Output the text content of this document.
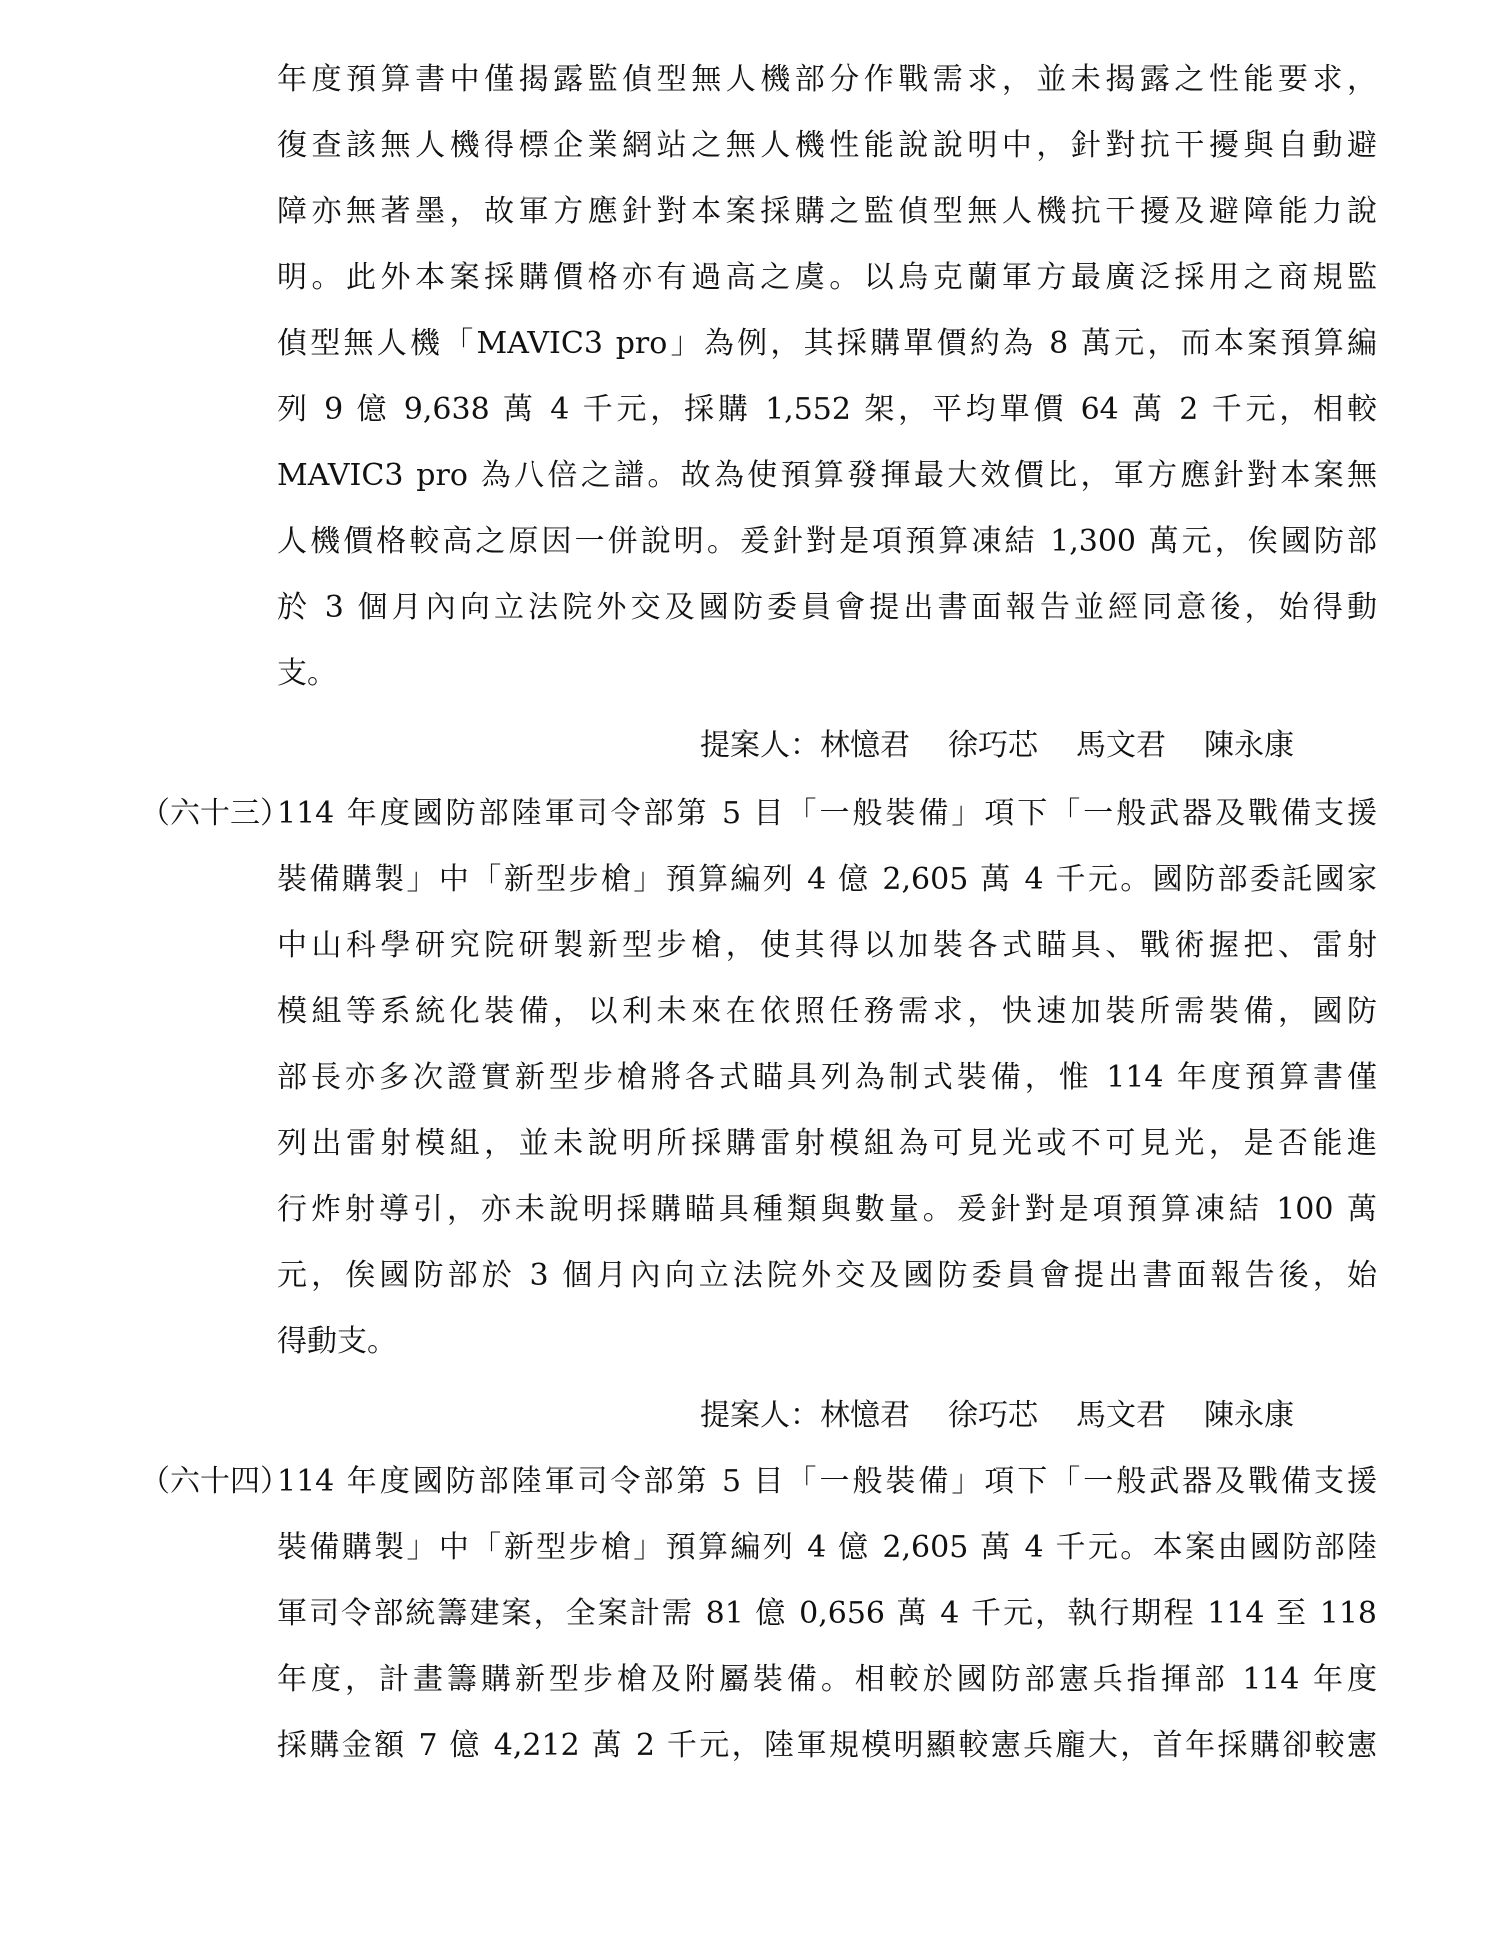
年度預算書中僅揭露監偵型無人機部分作戰需求，並未揭露之性能要求，
復查該無人機得標企業網站之無人機性能說說明中，針對抗干擾與自動避
障亦無著墨，故軍方應針對本案採購之監偵型無人機抗干擾及避障能力說
明。此外本案採購價格亦有過高之虞。以烏克蘭軍方最廣泛採用之商規監
偵型無人機「MAVIC3 pro」為例，其採購單價約為 8 萬元，而本案預算編
列 9 億 9,638 萬 4 千元，採購 1,552 架，平均單價 64 萬 2 千元，相較
MAVIC3 pro 為八倍之譜。故為使預算發揮最大效價比，軍方應針對本案無
人機價格較高之原因一併說明。爰針對是項預算凍結 1,300 萬元，俟國防部
於 3 個月內向立法院外交及國防委員會提出書面報告並經同意後，始得動
支。
提案人：林憶君 徐巧芯 馬文君 陳永康
（六十三）
114 年度國防部陸軍司令部第 5 目「一般裝備」項下「一般武器及戰備支援
裝備購製」中「新型步槍」預算編列 4 億 2,605 萬 4 千元。國防部委託國家
中山科學研究院研製新型步槍，使其得以加裝各式瞄具、戰術握把、雷射
模組等系統化裝備，以利未來在依照任務需求，快速加裝所需裝備，國防
部長亦多次證實新型步槍將各式瞄具列為制式裝備，惟 114 年度預算書僅
列出雷射模組，並未說明所採購雷射模組為可見光或不可見光，是否能進
行炸射導引，亦未說明採購瞄具種類與數量。爰針對是項預算凍結 100 萬
元，俟國防部於 3 個月內向立法院外交及國防委員會提出書面報告後，始
得動支。
提案人：林憶君 徐巧芯 馬文君 陳永康
（六十四）
114 年度國防部陸軍司令部第 5 目「一般裝備」項下「一般武器及戰備支援
裝備購製」中「新型步槍」預算編列 4 億 2,605 萬 4 千元。本案由國防部陸
軍司令部統籌建案，全案計需 81 億 0,656 萬 4 千元，執行期程 114 至 118
年度，計畫籌購新型步槍及附屬裝備。相較於國防部憲兵指揮部 114 年度
採購金額 7 億 4,212 萬 2 千元，陸軍規模明顯較憲兵龐大，首年採購卻較憲
